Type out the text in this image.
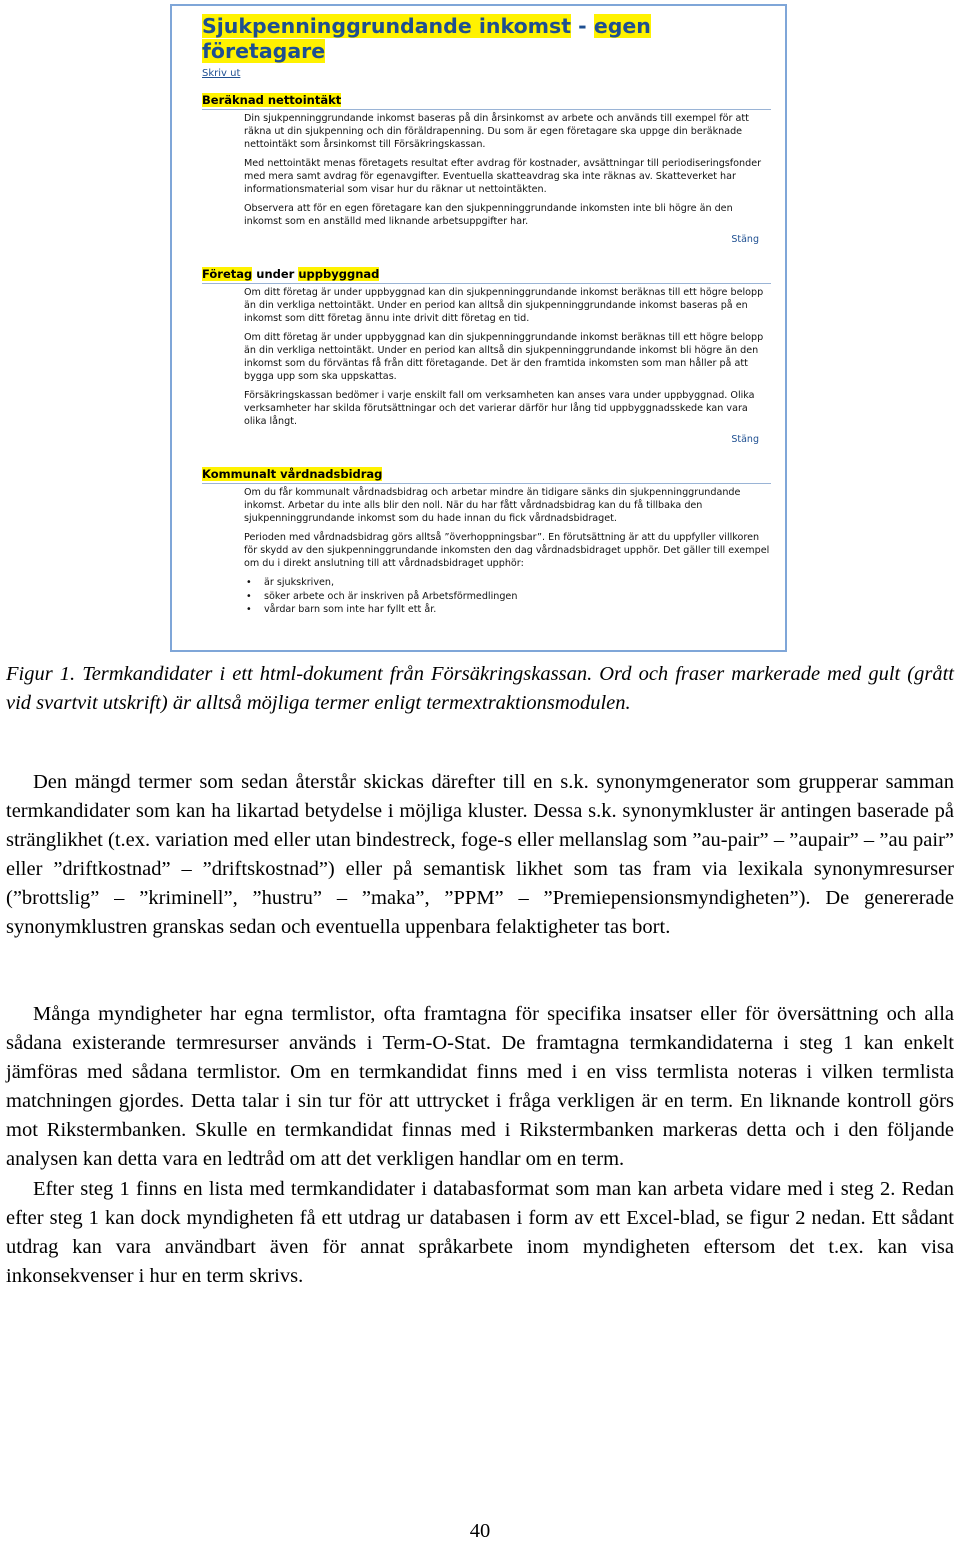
Sjukpenninggrundande inkomst - egen
företagare
Skriv ut
Beräknad nettointäkt

Din sjukpenninggrundande inkomst baseras på din årsinkomst av arbete och används till exempel för att räkna ut din sjukpenning och din föräldrapenning. Du som är egen företagare ska uppge din beräknade nettointäkt som årsinkomst till Försäkringskassan.

Med nettointäkt menas företagets resultat efter avdrag för kostnader, avsättningar till periodiseringsfonder med mera samt avdrag för egenavgifter. Eventuella skatteavdrag ska inte räknas av. Skatteverket har informationsmaterial som visar hur du räknar ut nettointäkten.

Observera att för en egen företagare kan den sjukpenninggrundande inkomsten inte bli högre än den inkomst som en anställd med liknande arbetsuppgifter har.

Stäng
Företag under uppbyggnad

Om ditt företag är under uppbyggnad kan din sjukpenninggrundande inkomst beräknas till ett högre belopp än din verkliga nettointäkt. Under en period kan alltså din sjukpenninggrundande inkomst baseras på en inkomst som ditt företag ännu inte drivit ditt företag en tid.

Om ditt företag är under uppbyggnad kan din sjukpenninggrundande inkomst beräknas till ett högre belopp än din verkliga nettointäkt. Under en period kan alltså din sjukpenninggrundande inkomst bli högre än den inkomst som du förväntas få från ditt företagande. Det är den framtida inkomsten som man håller på att bygga upp som ska uppskattas.

Försäkringskassan bedömer i varje enskilt fall om verksamheten kan anses vara under uppbyggnad. Olika verksamheter har skilda förutsättningar och det varierar därför hur lång tid uppbyggnadsskede kan vara olika långt.

Stäng
Kommunalt vårdnadsbidrag

Om du får kommunalt vårdnadsbidrag och arbetar mindre än tidigare sänks din sjukpenninggrundande inkomst. Arbetar du inte alls blir den noll. När du har fått vårdnadsbidrag kan du få tillbaka den sjukpenninggrundande inkomst som du hade innan du fick vårdnadsbidraget.

Perioden med vårdnadsbidrag görs alltså ”överhoppningsbar”. En förutsättning är att du uppfyller villkoren för skydd av den sjukpenninggrundande inkomsten den dag vårdnadsbidraget upphör. Det gäller till exempel om du i direkt anslutning till att vårdnadsbidraget upphör:

• är sjukskriven,
• söker arbete och är inskriven på Arbetsförmedlingen
• vårdar barn som inte har fyllt ett år.
Figur 1. Termkandidater i ett html-dokument från Försäkringskassan. Ord och fraser markerade med gult (grått vid svartvit utskrift) är alltså möjliga termer enligt termextraktionsmodulen.

Den mängd termer som sedan återstår skickas därefter till en s.k. synonymgenerator som grupperar samman termkandidater som kan ha likartad betydelse i möjliga kluster. Dessa s.k. synonymkluster är antingen baserade på stränglikhet (t.ex. variation med eller utan bindestreck, foge-s eller mellanslag som ”au-pair” – ”aupair” – ”au pair” eller ”driftkostnad” – ”driftskostnad”) eller på semantisk likhet som tas fram via lexikala synonymresurser (”brottslig” – ”kriminell”, ”hustru” – ”maka”, ”PPM” – ”Premiepensionsmyndigheten”). De genererade synonymklustren granskas sedan och eventuella uppenbara felaktigheter tas bort.

Många myndigheter har egna termlistor, ofta framtagna för specifika insatser eller för översättning och alla sådana existerande termresurser används i Term-O-Stat. De framtagna termkandidaterna i steg 1 kan enkelt jämföras med sådana termlistor. Om en termkandidat finns med i en viss termlista noteras i vilken termlista matchningen gjordes. Detta talar i sin tur för att uttrycket i fråga verkligen är en term. En liknande kontroll görs mot Rikstermbanken. Skulle en termkandidat finnas med i Rikstermbanken markeras detta och i den följande analysen kan detta vara en ledtråd om att det verkligen handlar om en term.

Efter steg 1 finns en lista med termkandidater i databasformat som man kan arbeta vidare med i steg 2. Redan efter steg 1 kan dock myndigheten få ett utdrag ur databasen i form av ett Excel-blad, se figur 2 nedan. Ett sådant utdrag kan vara användbart även för annat språkarbete inom myndigheten eftersom det t.ex. kan visa inkonsekvenser i hur en term skrivs.

40
